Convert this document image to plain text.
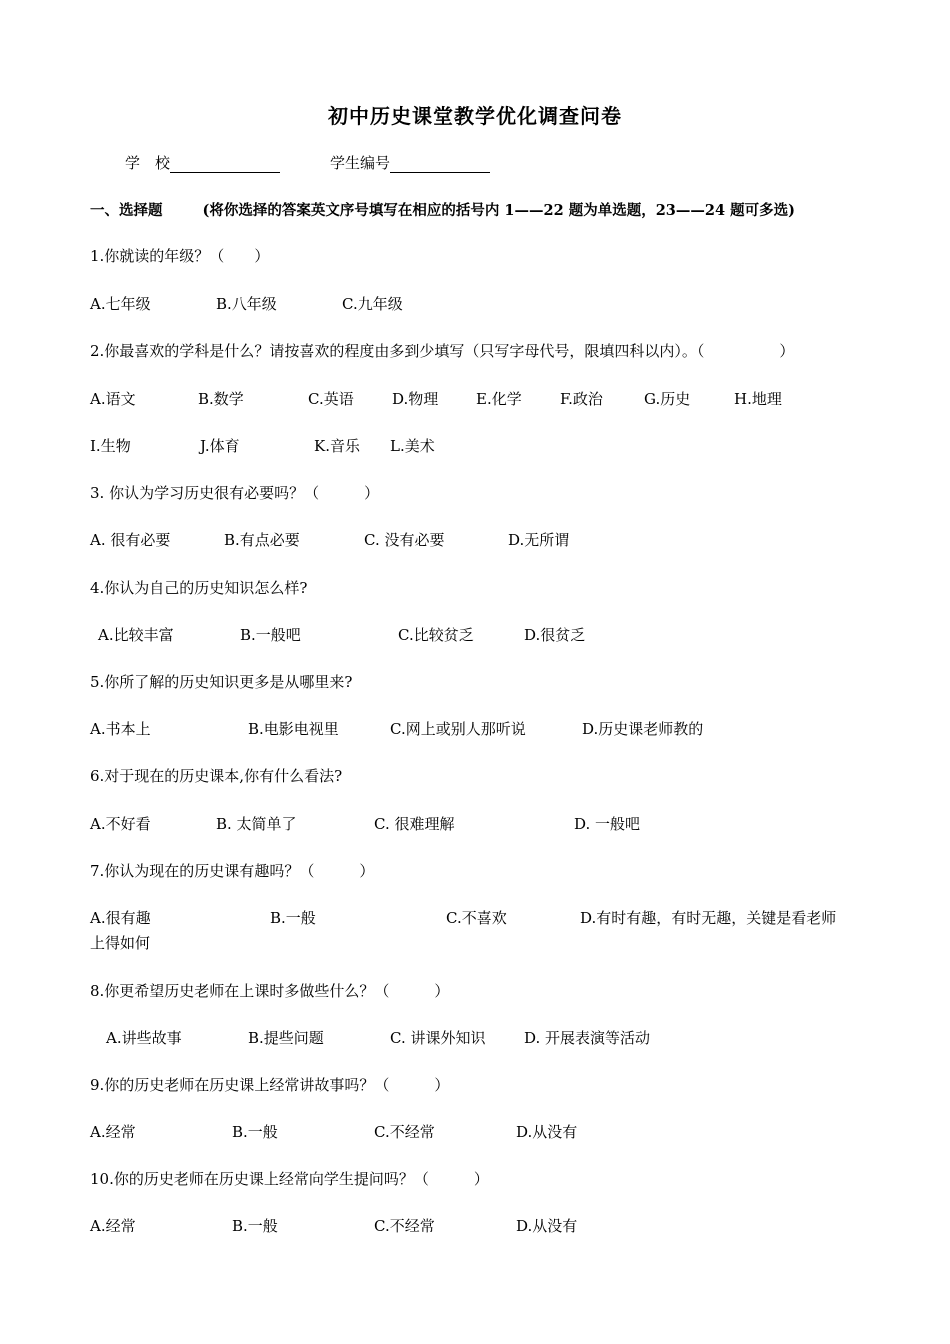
初中历史课堂教学优化调查问卷
学　校	学生编号
一、选择题	(将你选择的答案英文序号填写在相应的括号内 1——22 题为单选题，23——24 题可多选)
1.你就读的年级？（　　）
A.七年级	B.八年级	C.九年级
2.你最喜欢的学科是什么？请按喜欢的程度由多到少填写（只写字母代号，限填四科以内）。（　　　　　）
A.语文	B.数学	C.英语	D.物理	E.化学	F.政治	G.历史	H.地理
I.生物	J.体育	K.音乐 L.美术
3. 你认为学习历史很有必要吗？（　　　）
A. 很有必要	B.有点必要	C. 没有必要	D.无所谓
4.你认为自己的历史知识怎么样?
A.比较丰富	B.一般吧	C.比较贫乏	D.很贫乏
5.你所了解的历史知识更多是从哪里来?
A.书本上	B.电影电视里	C.网上或别人那听说	D.历史课老师教的
6.对于现在的历史课本,你有什么看法?
A.不好看	B. 太简单了	C. 很难理解	D. 一般吧
7.你认为现在的历史课有趣吗？（　　　）
A.很有趣	B.一般	C.不喜欢	D.有时有趣，有时无趣，关键是看老师
上得如何
8.你更希望历史老师在上课时多做些什么？（　　　）
A.讲些故事	B.提些问题	C. 讲课外知识	D. 开展表演等活动
9.你的历史老师在历史课上经常讲故事吗？（　　　）
A.经常	B.一般	C.不经常	D.从没有
10.你的历史老师在历史课上经常向学生提问吗？（　　　）
A.经常	B.一般	C.不经常	D.从没有
